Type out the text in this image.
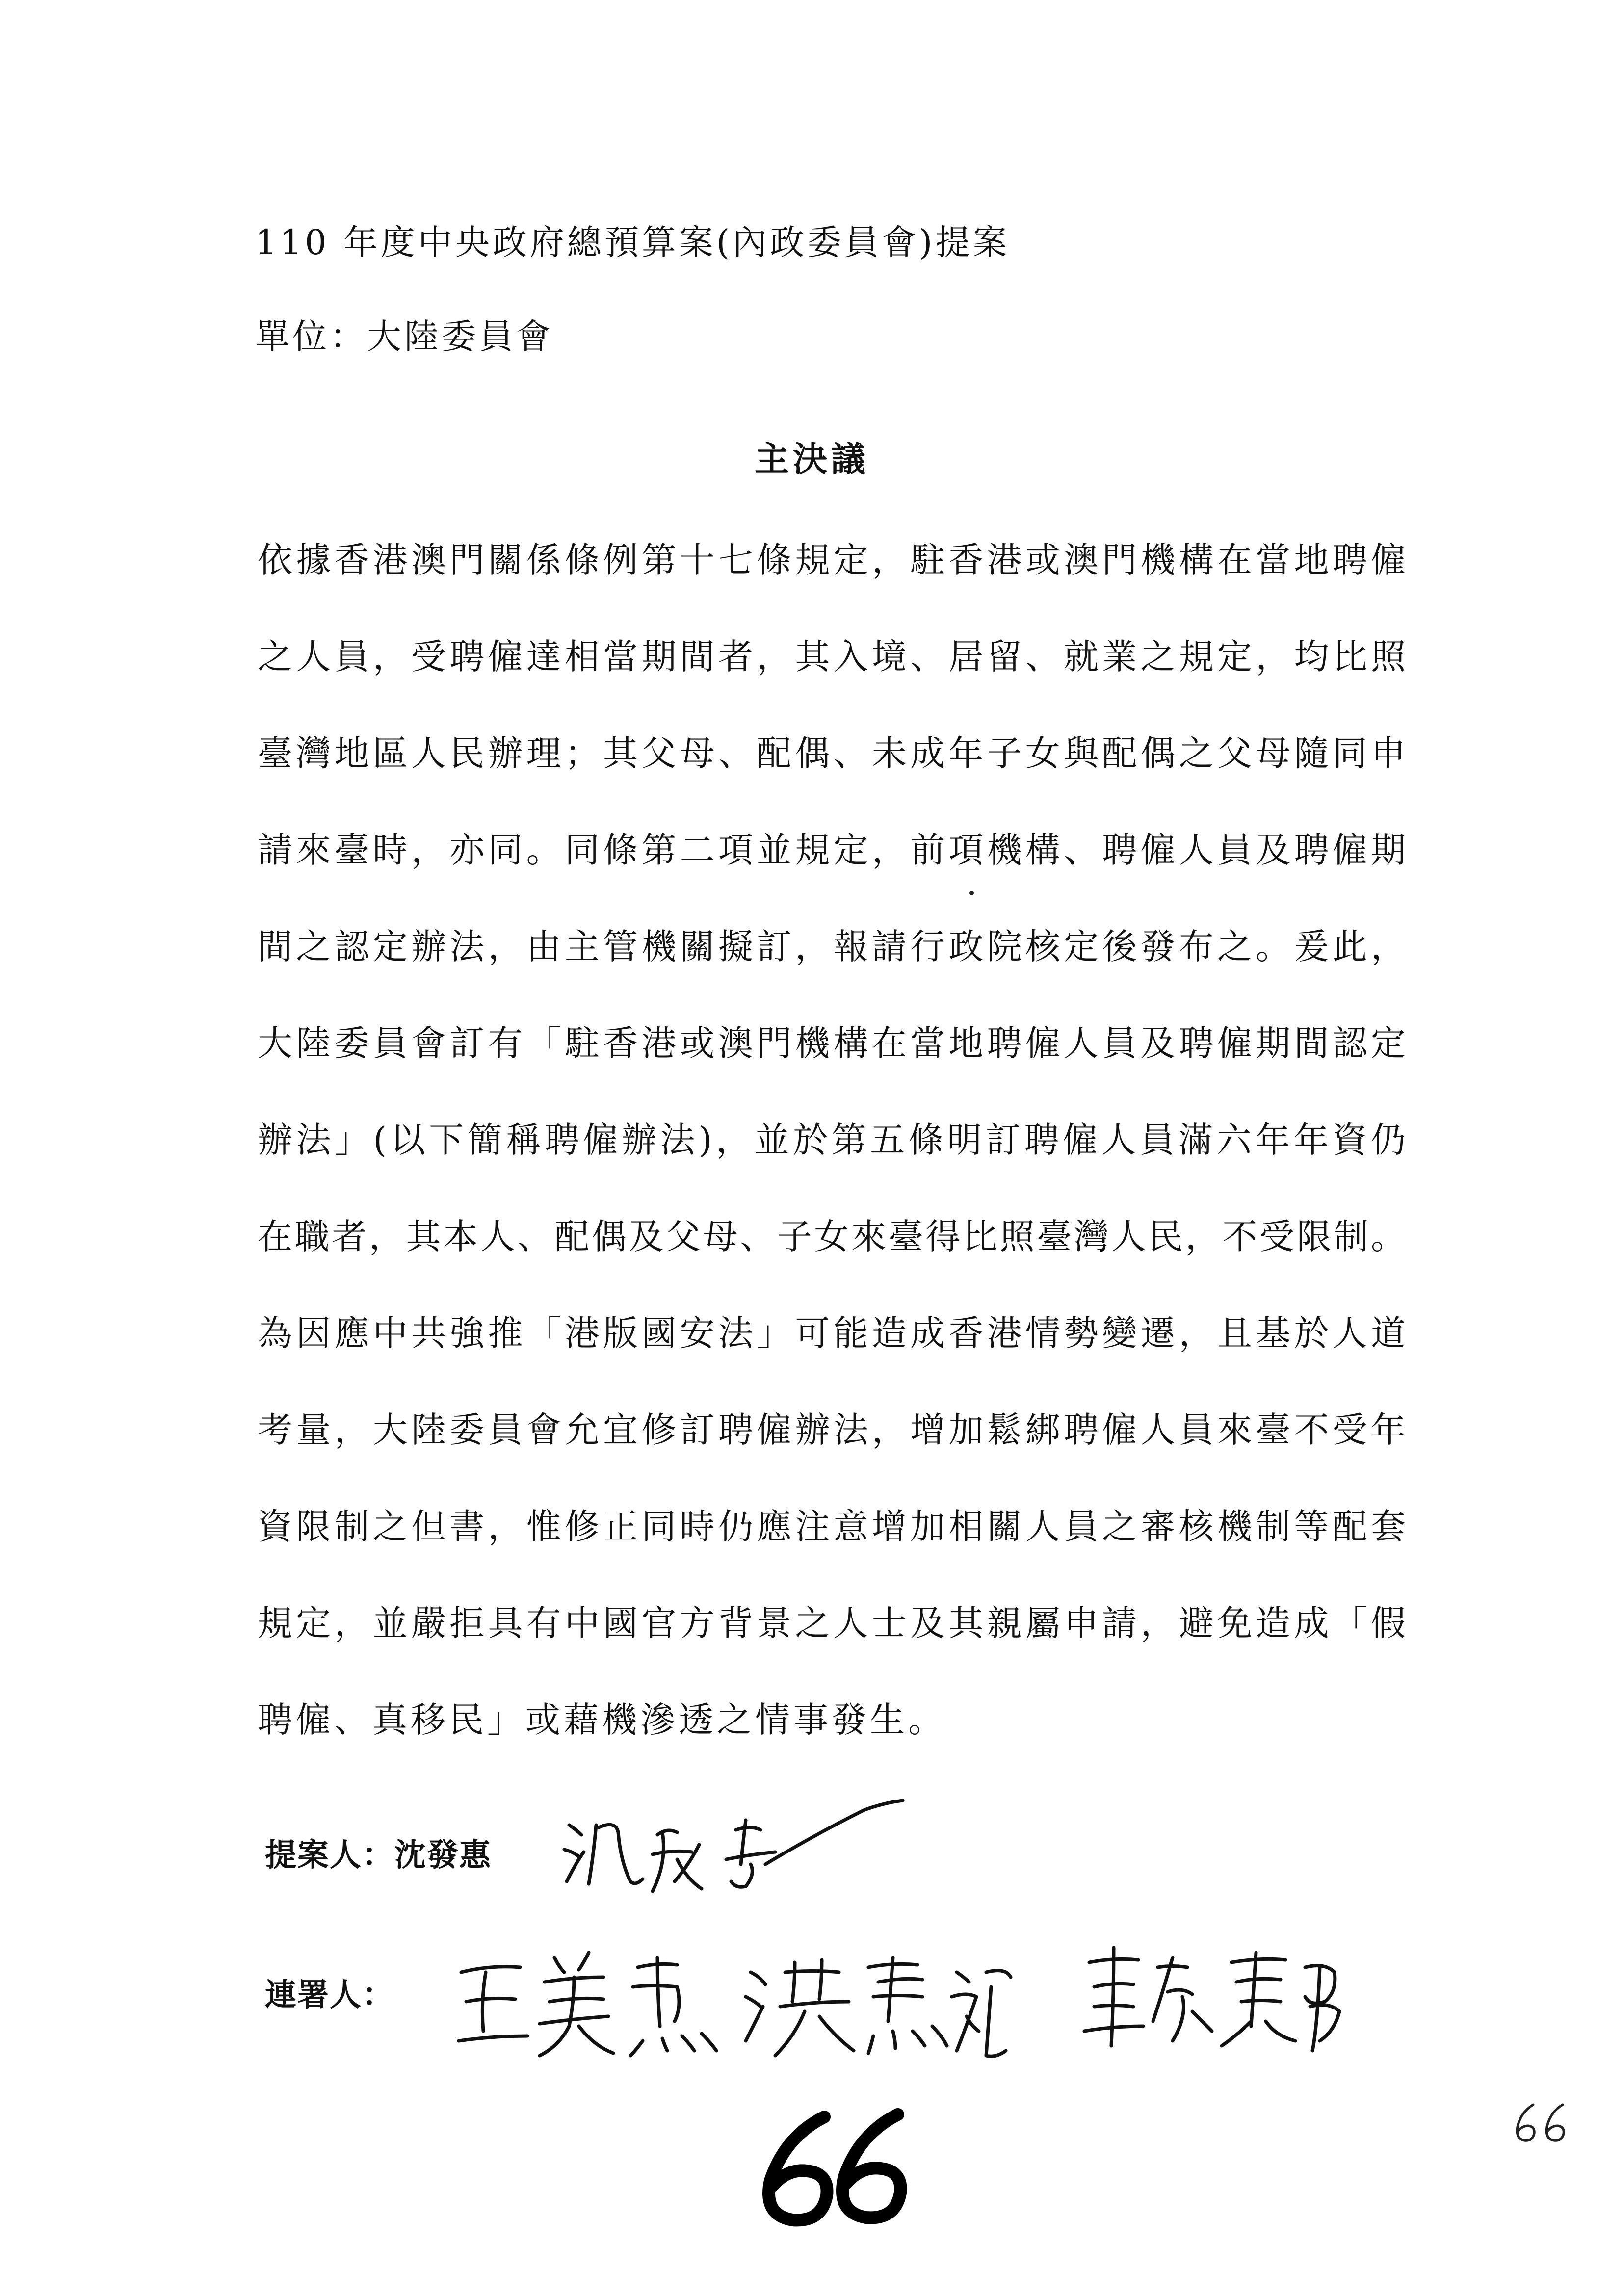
110 年度中央政府總預算案(內政委員會)提案
單位：大陸委員會
主決議
依據香港澳門關係條例第十七條規定，駐香港或澳門機構在當地聘僱
之人員，受聘僱達相當期間者，其入境、居留、就業之規定，均比照
臺灣地區人民辦理；其父母、配偶、未成年子女與配偶之父母隨同申
請來臺時，亦同。同條第二項並規定，前項機構、聘僱人員及聘僱期
間之認定辦法，由主管機關擬訂，報請行政院核定後發布之。爰此，
大陸委員會訂有「駐香港或澳門機構在當地聘僱人員及聘僱期間認定
辦法」(以下簡稱聘僱辦法)，並於第五條明訂聘僱人員滿六年年資仍
在職者，其本人、配偶及父母、子女來臺得比照臺灣人民，不受限制。
為因應中共強推「港版國安法」可能造成香港情勢變遷，且基於人道
考量，大陸委員會允宜修訂聘僱辦法，增加鬆綁聘僱人員來臺不受年
資限制之但書，惟修正同時仍應注意增加相關人員之審核機制等配套
規定，並嚴拒具有中國官方背景之人士及其親屬申請，避免造成「假
聘僱、真移民」或藉機滲透之情事發生。
提案人：沈發惠
連署人：
